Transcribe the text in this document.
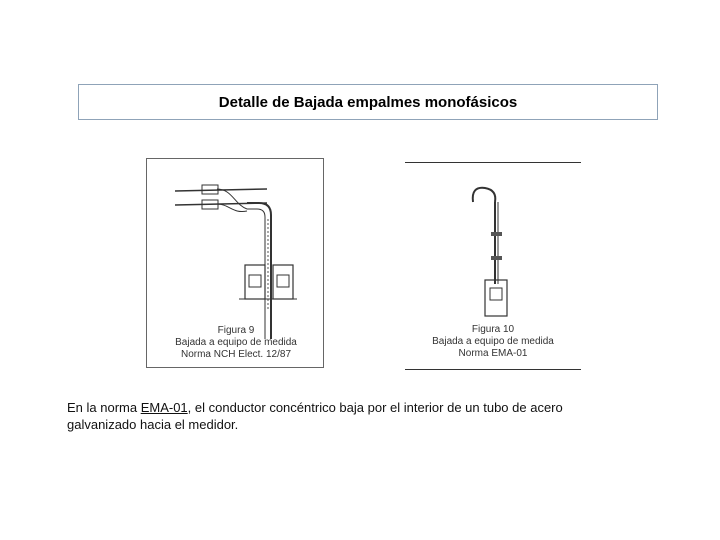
Detalle de Bajada empalmes monofásicos
Figura 9
Bajada a equipo de medida
Norma NCH Elect. 12/87
Figura 10
Bajada a equipo de medida
Norma EMA-01
En la norma EMA-01, el conductor concéntrico baja por el interior de un tubo de acero galvanizado hacia el medidor.
